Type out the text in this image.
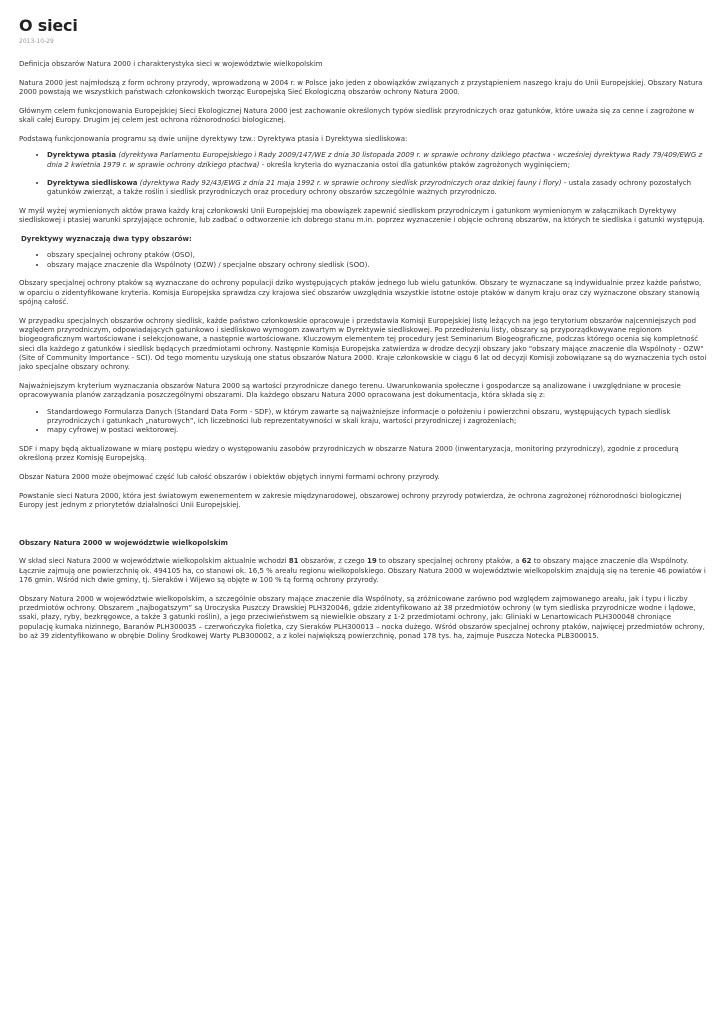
O sieci
2013-10-29

Definicja obszarów Natura 2000 i charakterystyka sieci w województwie wielkopolskim

Natura 2000 jest najmłodszą z form ochrony przyrody, wprowadzoną w 2004 r. w Polsce jako jeden z obowiązków związanych z przystąpieniem naszego kraju do Unii Europejskiej. Obszary Natura 2000 powstają we wszystkich państwach członkowskich tworząc Europejską Sieć Ekologiczną obszarów ochrony Natura 2000.

Głównym celem funkcjonowania Europejskiej Sieci Ekologicznej Natura 2000 jest zachowanie określonych typów siedlisk przyrodniczych oraz gatunków, które uważa się za cenne i zagrożone w skali całej Europy. Drugim jej celem jest ochrona różnorodności biologicznej.

Podstawą funkcjonowania programu są dwie unijne dyrektywy tzw.: Dyrektywa ptasia i Dyrektywa siedliskowa:

• Dyrektywa ptasia (dyrektywa Parlamentu Europejskiego i Rady 2009/147/WE z dnia 30 listopada 2009 r. w sprawie ochrony dzikiego ptactwa - wcześniej dyrektywa Rady 79/409/EWG z dnia 2 kwietnia 1979 r. w sprawie ochrony dzikiego ptactwa) - określa kryteria do wyznaczania ostoi dla gatunków ptaków zagrożonych wyginięciem;
• Dyrektywa siedliskowa (dyrektywa Rady 92/43/EWG z dnia 21 maja 1992 r. w sprawie ochrony siedlisk przyrodniczych oraz dzikiej fauny i flory) - ustala zasady ochrony pozostałych gatunków zwierząt, a także roślin i siedlisk przyrodniczych oraz procedury ochrony obszarów szczególnie ważnych przyrodniczo.

W myśl wyżej wymienionych aktów prawa każdy kraj członkowski Unii Europejskiej ma obowiązek zapewnić siedliskom przyrodniczym i gatunkom wymienionym w załącznikach Dyrektywy siedliskowej i ptasiej warunki sprzyjające ochronie, lub zadbać o odtworzenie ich dobrego stanu m.in. poprzez wyznaczenie i objęcie ochroną obszarów, na których te siedliska i gatunki występują.

Dyrektywy wyznaczają dwa typy obszarów:

• obszary specjalnej ochrony ptaków (OSO),
• obszary mające znaczenie dla Wspólnoty (OZW) / specjalne obszary ochrony siedlisk (SOO).

Obszary specjalnej ochrony ptaków są wyznaczane do ochrony populacji dziko występujących ptaków jednego lub wielu gatunków. Obszary te wyznaczane są indywidualnie przez każde państwo, w oparciu o zidentyfikowane kryteria. Komisja Europejska sprawdza czy krajowa sieć obszarów uwzględnia wszystkie istotne ostoje ptaków w danym kraju oraz czy wyznaczone obszary stanowią spójną całość.

W przypadku specjalnych obszarów ochrony siedlisk, każde państwo członkowskie opracowuje i przedstawia Komisji Europejskiej listę leżących na jego terytorium obszarów najcenniejszych pod względem przyrodniczym, odpowiadających gatunkowo i siedliskowo wymogom zawartym w Dyrektywie siedliskowej. Po przedłożeniu listy, obszary są przyporządkowywane regionom biogeograficznym wartościowane i selekcjonowane, a następnie wartościowane. Kluczowym elementem tej procedury jest Seminarium Biogeograficzne, podczas którego ocenia się kompletność sieci dla każdego z gatunków i siedlisk będących przedmiotami ochrony. Następnie Komisja Europejska zatwierdza w drodze decyzji obszary jako "obszary mające znaczenie dla Wspólnoty - OZW" (Site of Community Importance - SCI). Od tego momentu uzyskują one status obszarów Natura 2000. Kraje członkowskie w ciągu 6 lat od decyzji Komisji zobowiązane są do wyznaczenia tych ostoi jako specjalne obszary ochrony.

Najważniejszym kryterium wyznaczania obszarów Natura 2000 są wartości przyrodnicze danego terenu. Uwarunkowania społeczne i gospodarcze są analizowane i uwzględniane w procesie opracowywania planów zarządzania poszczególnymi obszarami. Dla każdego obszaru Natura 2000 opracowana jest dokumentacja, która składa się z:

• Standardowego Formularza Danych (Standard Data Form - SDF), w którym zawarte są najważniejsze informacje o położeniu i powierzchni obszaru, występujących typach siedlisk przyrodniczych i gatunkach „naturowych”, ich liczebności lub reprezentatywności w skali kraju, wartości przyrodniczej i zagrożeniach;
• mapy cyfrowej w postaci wektorowej.

SDF i mapy będą aktualizowane w miarę postępu wiedzy o występowaniu zasobów przyrodniczych w obszarze Natura 2000 (inwentaryzacja, monitoring przyrodniczy), zgodnie z procedurą określoną przez Komisję Europejską.

Obszar Natura 2000 może obejmować część lub całość obszarów i obiektów objętych innymi formami ochrony przyrody.

Powstanie sieci Natura 2000, która jest światowym ewenementem w zakresie międzynarodowej, obszarowej ochrony przyrody potwierdza, że ochrona zagrożonej różnorodności biologicznej Europy jest jednym z priorytetów działalności Unii Europejskiej.

Obszary Natura 2000 w województwie wielkopolskim

W skład sieci Natura 2000 w województwie wielkopolskim aktualnie wchodzi 81 obszarów, z czego 19 to obszary specjalnej ochrony ptaków, a 62 to obszary mające znaczenie dla Wspólnoty. Łącznie zajmują one powierzchnię ok. 494105 ha, co stanowi ok. 16,5 % areału regionu wielkopolskiego. Obszary Natura 2000 w województwie wielkopolskim znajdują się na terenie 46 powiatów i 176 gmin. Wśród nich dwie gminy, tj. Sieraków i Wijewo są objęte w 100 % tą formą ochrony przyrody.

Obszary Natura 2000 w województwie wielkopolskim, a szczególnie obszary mające znaczenie dla Wspólnoty, są zróżnicowane zarówno pod względem zajmowanego areału, jak i typu i liczby przedmiotów ochrony. Obszarem „najbogatszym” są Uroczyska Puszczy Drawskiej PLH320046, gdzie zidentyfikowano aż 38 przedmiotów ochrony (w tym siedliska przyrodnicze wodne i lądowe, ssaki, płazy, ryby, bezkręgowce, a także 3 gatunki roślin), a jego przeciwieństwem są niewielkie obszary z 1-2 przedmiotami ochrony, jak: Gliniaki w Lenartowicach PLH300048 chroniące populację kumaka nizinnego, Baranów PLH300035 – czerwończyka fioletka, czy Sieraków PLH300013 – nocka dużego. Wśród obszarów specjalnej ochrony ptaków, najwięcej przedmiotów ochrony, bo aż 39 zidentyfikowano w obrębie Doliny Środkowej Warty PLB300002, a z kolei największą powierzchnię, ponad 178 tys. ha, zajmuje Puszcza Notecka PLB300015.
